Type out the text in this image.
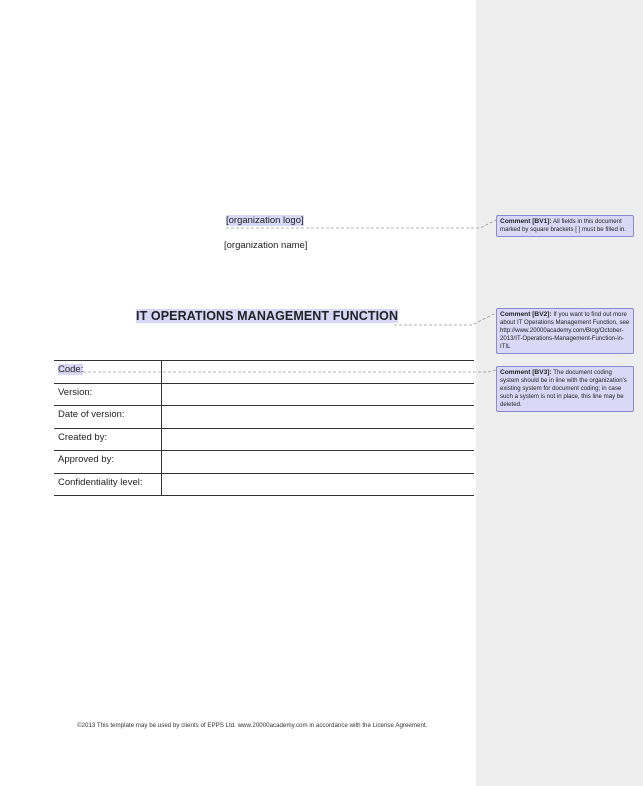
[organization logo]
[organization name]
IT OPERATIONS MANAGEMENT FUNCTION
Code:	
Version:	
Date of version:	
Created by:	
Approved by:	
Confidentiality level:	
©2013 This template may be used by clients of EPPS Ltd. www.20000academy.com in accordance with the License Agreement.
Comment [BV1]: All fields in this document marked by square brackets [ ] must be filled in.
Comment [BV2]: If you want to find out more about IT Operations Management Function, see http://www.20000academy.com/Blog/October-2013/IT-Operations-Management-Function-in-ITIL
Comment [BV3]: The document coding system should be in line with the organization's existing system for document coding; in case such a system is not in place, this line may be deleted.
